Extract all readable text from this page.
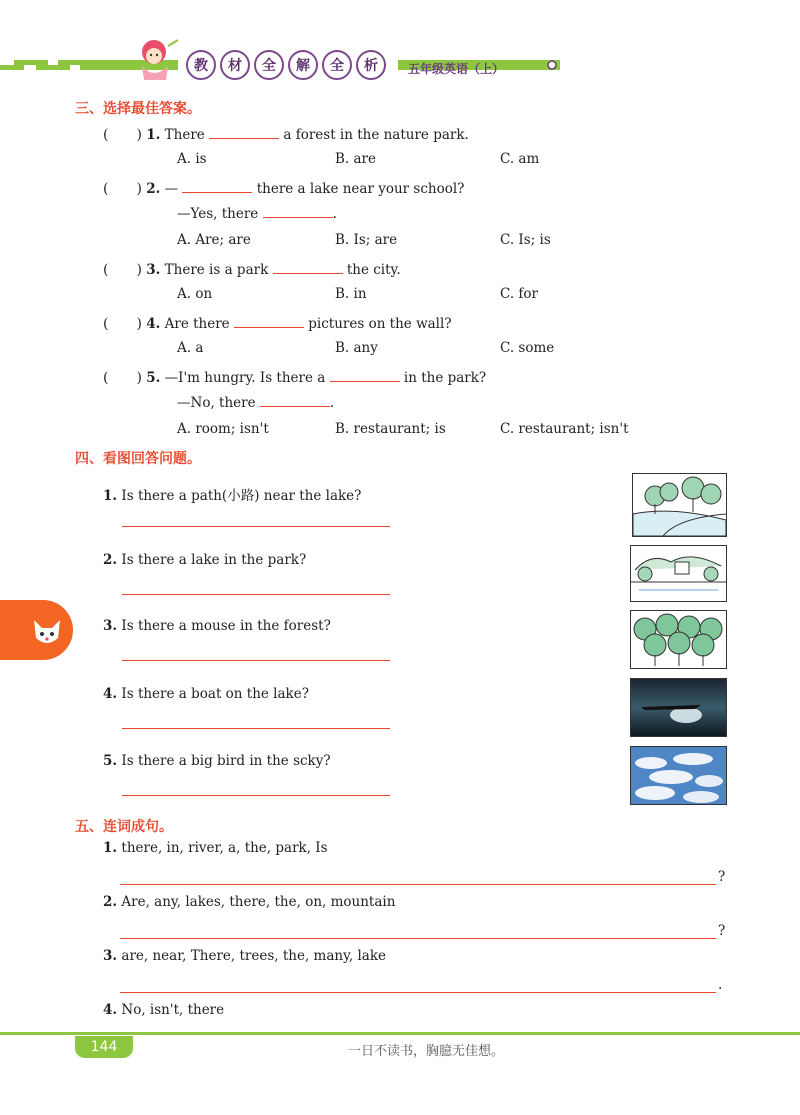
教	材	全	解	全	析	五年级英语（上）
三、选择最佳答案。
(　　) 1. There	a forest in the nature park.
A. is	B. are	C. am
(　　) 2. —	there a lake near your school?
—Yes, there	.
A. Are; are	B. Is; are	C. Is; is
(　　) 3. There is a park	the city.
A. on	B. in	C. for
(　　) 4. Are there	pictures on the wall?
A. a	B. any	C. some
(　　) 5. —I'm hungry. Is there a	in the park?
—No, there	.
A. room; isn't	B. restaurant; is	C. restaurant; isn't
四、看图回答问题。
1. Is there a path(小路) near the lake?
2. Is there a lake in the park?
3. Is there a mouse in the forest?
4. Is there a boat on the lake?
5. Is there a big bird in the scky?
五、连词成句。
1. there, in, river, a, the, park, Is
?
2. Are, any, lakes, there, the, on, mountain
?
3. are, near, There, trees, the, many, lake
.
4. No, isn't, there
144	一日不读书，胸臆无佳想。
